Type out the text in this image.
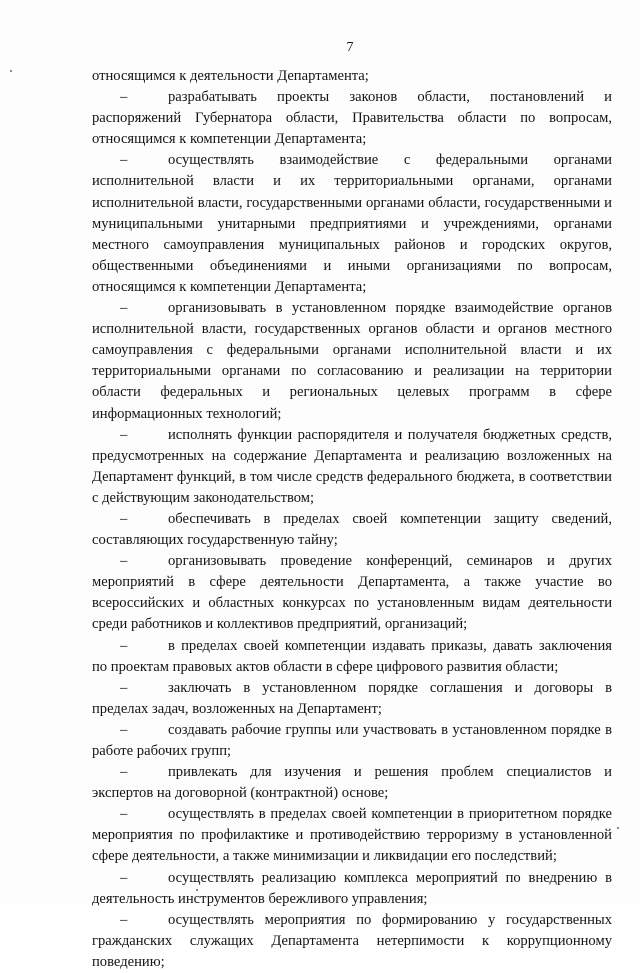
7

относящимся к деятельности Департамента;

–	разрабатывать проекты законов области, постановлений и распоряжений Губернатора области, Правительства области по вопросам, относящимся к компетенции Департамента;

–	осуществлять взаимодействие с федеральными органами исполнительной власти и их территориальными органами, органами исполнительной власти, государственными органами области, государственными и муниципальными унитарными предприятиями и учреждениями, органами местного самоуправления муниципальных районов и городских округов, общественными объединениями и иными организациями по вопросам, относящимся к компетенции Департамента;

–	организовывать в установленном порядке взаимодействие органов исполнительной власти, государственных органов области и органов местного самоуправления с федеральными органами исполнительной власти и их территориальными органами по согласованию и реализации на территории области федеральных и региональных целевых программ в сфере информационных технологий;

–	исполнять функции распорядителя и получателя бюджетных средств, предусмотренных на содержание Департамента и реализацию возложенных на Департамент функций, в том числе средств федерального бюджета, в соответствии с действующим законодательством;

–	обеспечивать в пределах своей компетенции защиту сведений, составляющих государственную тайну;

–	организовывать проведение конференций, семинаров и других мероприятий в сфере деятельности Департамента, а также участие во всероссийских и областных конкурсах по установленным видам деятельности среди работников и коллективов предприятий, организаций;

–	в пределах своей компетенции издавать приказы, давать заключения по проектам правовых актов области в сфере цифрового развития области;

–	заключать в установленном порядке соглашения и договоры в пределах задач, возложенных на Департамент;

–	создавать рабочие группы или участвовать в установленном порядке в работе рабочих групп;

–	привлекать для изучения и решения проблем специалистов и экспертов на договорной (контрактной) основе;

–	осуществлять в пределах своей компетенции в приоритетном порядке мероприятия по профилактике и противодействию терроризму в установленной сфере деятельности, а также минимизации и ликвидации его последствий;

–	осуществлять реализацию комплекса мероприятий по внедрению в деятельность инструментов бережливого управления;

–	осуществлять мероприятия по формированию у государственных гражданских служащих Департамента нетерпимости к коррупционному поведению;
